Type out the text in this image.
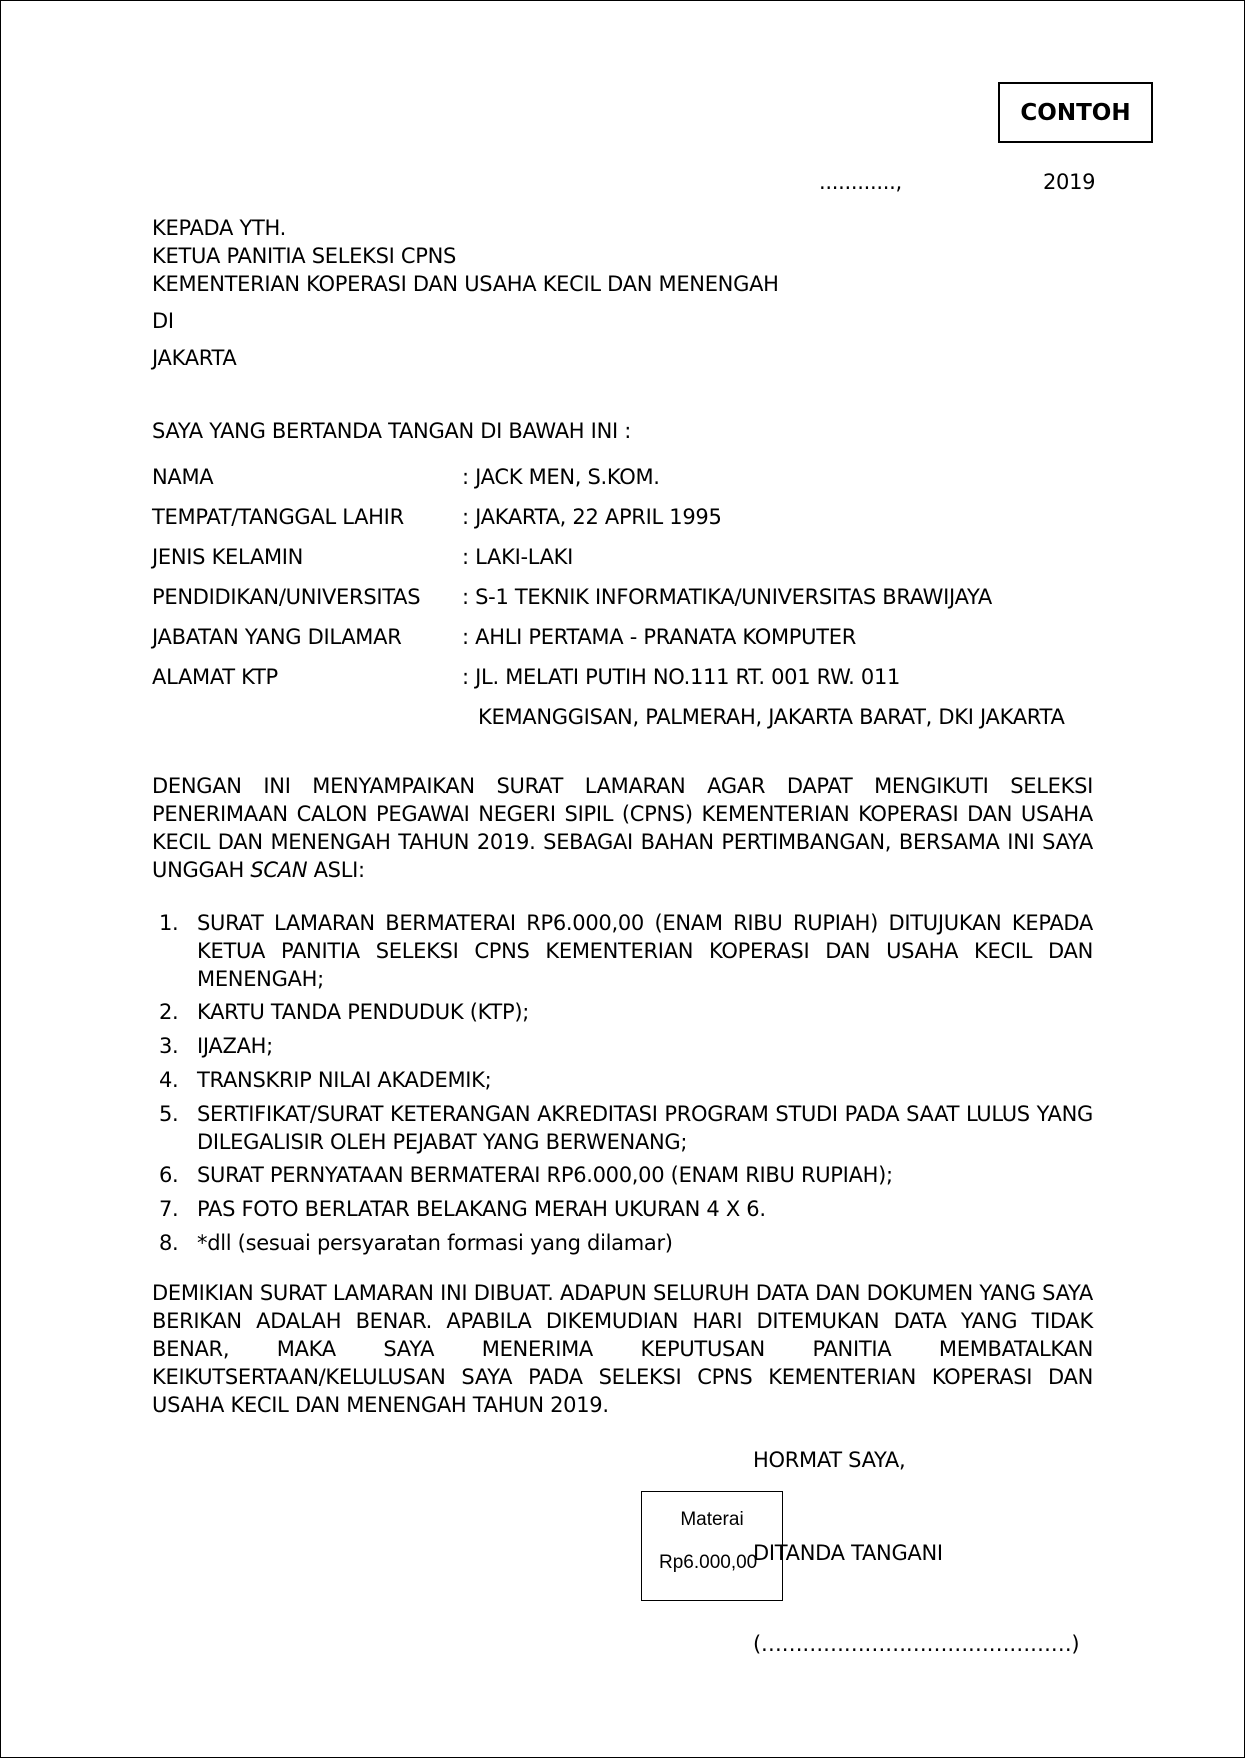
CONTOH
............,	2019
KEPADA YTH.
KETUA PANITIA SELEKSI CPNS
KEMENTERIAN KOPERASI DAN USAHA KECIL DAN MENENGAH
DI
JAKARTA
SAYA YANG BERTANDA TANGAN DI BAWAH INI :
NAMA	: JACK MEN, S.KOM.
TEMPAT/TANGGAL LAHIR	: JAKARTA, 22 APRIL 1995
JENIS KELAMIN	: LAKI-LAKI
PENDIDIKAN/UNIVERSITAS : S-1 TEKNIK INFORMATIKA/UNIVERSITAS BRAWIJAYA
JABATAN YANG DILAMAR	: AHLI PERTAMA - PRANATA KOMPUTER
ALAMAT KTP	: JL. MELATI PUTIH NO.111 RT. 001 RW. 011
KEMANGGISAN, PALMERAH, JAKARTA BARAT, DKI JAKARTA
DENGAN INI MENYAMPAIKAN SURAT LAMARAN AGAR DAPAT MENGIKUTI SELEKSI PENERIMAAN CALON PEGAWAI NEGERI SIPIL (CPNS) KEMENTERIAN KOPERASI DAN USAHA KECIL DAN MENENGAH TAHUN 2019. SEBAGAI BAHAN PERTIMBANGAN, BERSAMA INI SAYA UNGGAH SCAN ASLI:
1. SURAT LAMARAN BERMATERAI RP6.000,00 (ENAM RIBU RUPIAH) DITUJUKAN KEPADA KETUA PANITIA SELEKSI CPNS KEMENTERIAN KOPERASI DAN USAHA KECIL DAN MENENGAH;
2. KARTU TANDA PENDUDUK (KTP);
3. IJAZAH;
4. TRANSKRIP NILAI AKADEMIK;
5. SERTIFIKAT/SURAT KETERANGAN AKREDITASI PROGRAM STUDI PADA SAAT LULUS YANG DILEGALISIR OLEH PEJABAT YANG BERWENANG;
6. SURAT PERNYATAAN BERMATERAI RP6.000,00 (ENAM RIBU RUPIAH);
7. PAS FOTO BERLATAR BELAKANG MERAH UKURAN 4 X 6.
8. *dll (sesuai persyaratan formasi yang dilamar)
DEMIKIAN SURAT LAMARAN INI DIBUAT. ADAPUN SELURUH DATA DAN DOKUMEN YANG SAYA BERIKAN ADALAH BENAR. APABILA DIKEMUDIAN HARI DITEMUKAN DATA YANG TIDAK BENAR, MAKA SAYA MENERIMA KEPUTUSAN PANITIA MEMBATALKAN KEIKUTSERTAAN/KELULUSAN SAYA PADA SELEKSI CPNS KEMENTERIAN KOPERASI DAN USAHA KECIL DAN MENENGAH TAHUN 2019.
HORMAT SAYA,
Materai
Rp6.000,00
DITANDA TANGANI
(………………………………………)
